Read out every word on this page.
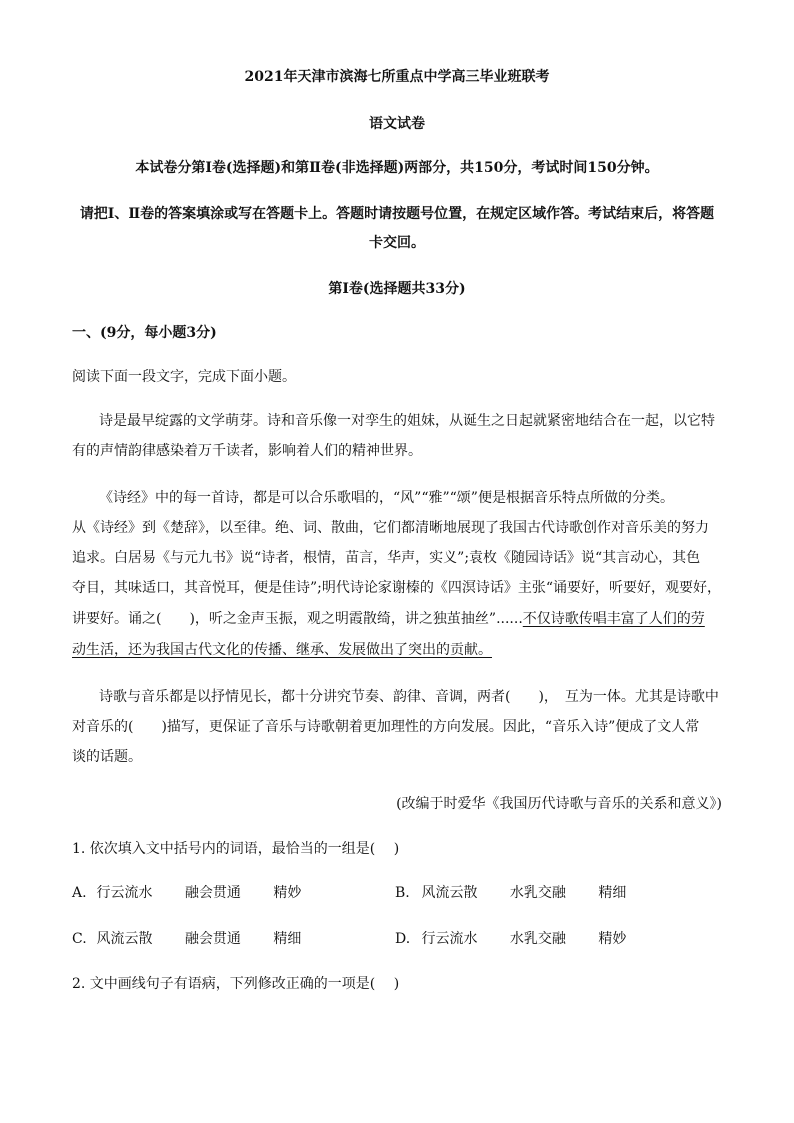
2021年天津市滨海七所重点中学高三毕业班联考
语文试卷
本试卷分第Ⅰ卷(选择题)和第Ⅱ卷(非选择题)两部分，共150分，考试时间150分钟。
请把Ⅰ、Ⅱ卷的答案填涂或写在答题卡上。答题时请按题号位置，在规定区域作答。考试结束后，将答题
卡交回。
第Ⅰ卷(选择题共33分)
一、(9分，每小题3分)
阅读下面一段文字，完成下面小题。
诗是最早绽露的文学萌芽。诗和音乐像一对孪生的姐妹，从诞生之日起就紧密地结合在一起，以它特
有的声情韵律感染着万千读者，影响着人们的精神世界。
《诗经》中的每一首诗，都是可以合乐歌唱的，“风”“雅”“颂”便是根据音乐特点所做的分类。
从《诗经》到《楚辞》，以至律。绝、词、散曲，它们都清晰地展现了我国古代诗歌创作对音乐美的努力
追求。白居易《与元九书》说“诗者，根情，苗言，华声，实义”;袁枚《随园诗话》说“其言动心，其色
夺目，其味适口，其音悦耳，便是佳诗”;明代诗论家谢榛的《四溟诗话》主张“诵要好，听要好，观要好，
讲要好。诵之(　　)，听之金声玉振，观之明霞散绮，讲之独茧抽丝”......不仅诗歌传唱丰富了人们的劳
动生活，还为我国古代文化的传播、继承、发展做出了突出的贡献。
诗歌与音乐都是以抒情见长，都十分讲究节奏、韵律、音调，两者(　　)，　互为一体。尤其是诗歌中
对音乐的(　　)描写，更保证了音乐与诗歌朝着更加理性的方向发展。因此，“音乐入诗”便成了文人常
谈的话题。
(改编于时爱华《我国历代诗歌与音乐的关系和意义》)
1. 依次填入文中括号内的词语，最恰当的一组是(　 )
A. 行云流水 融会贯通 精妙	B. 风流云散 水乳交融 精细
C. 风流云散 融会贯通 精细	D. 行云流水 水乳交融 精妙
2. 文中画线句子有语病，下列修改正确的一项是(　 )
